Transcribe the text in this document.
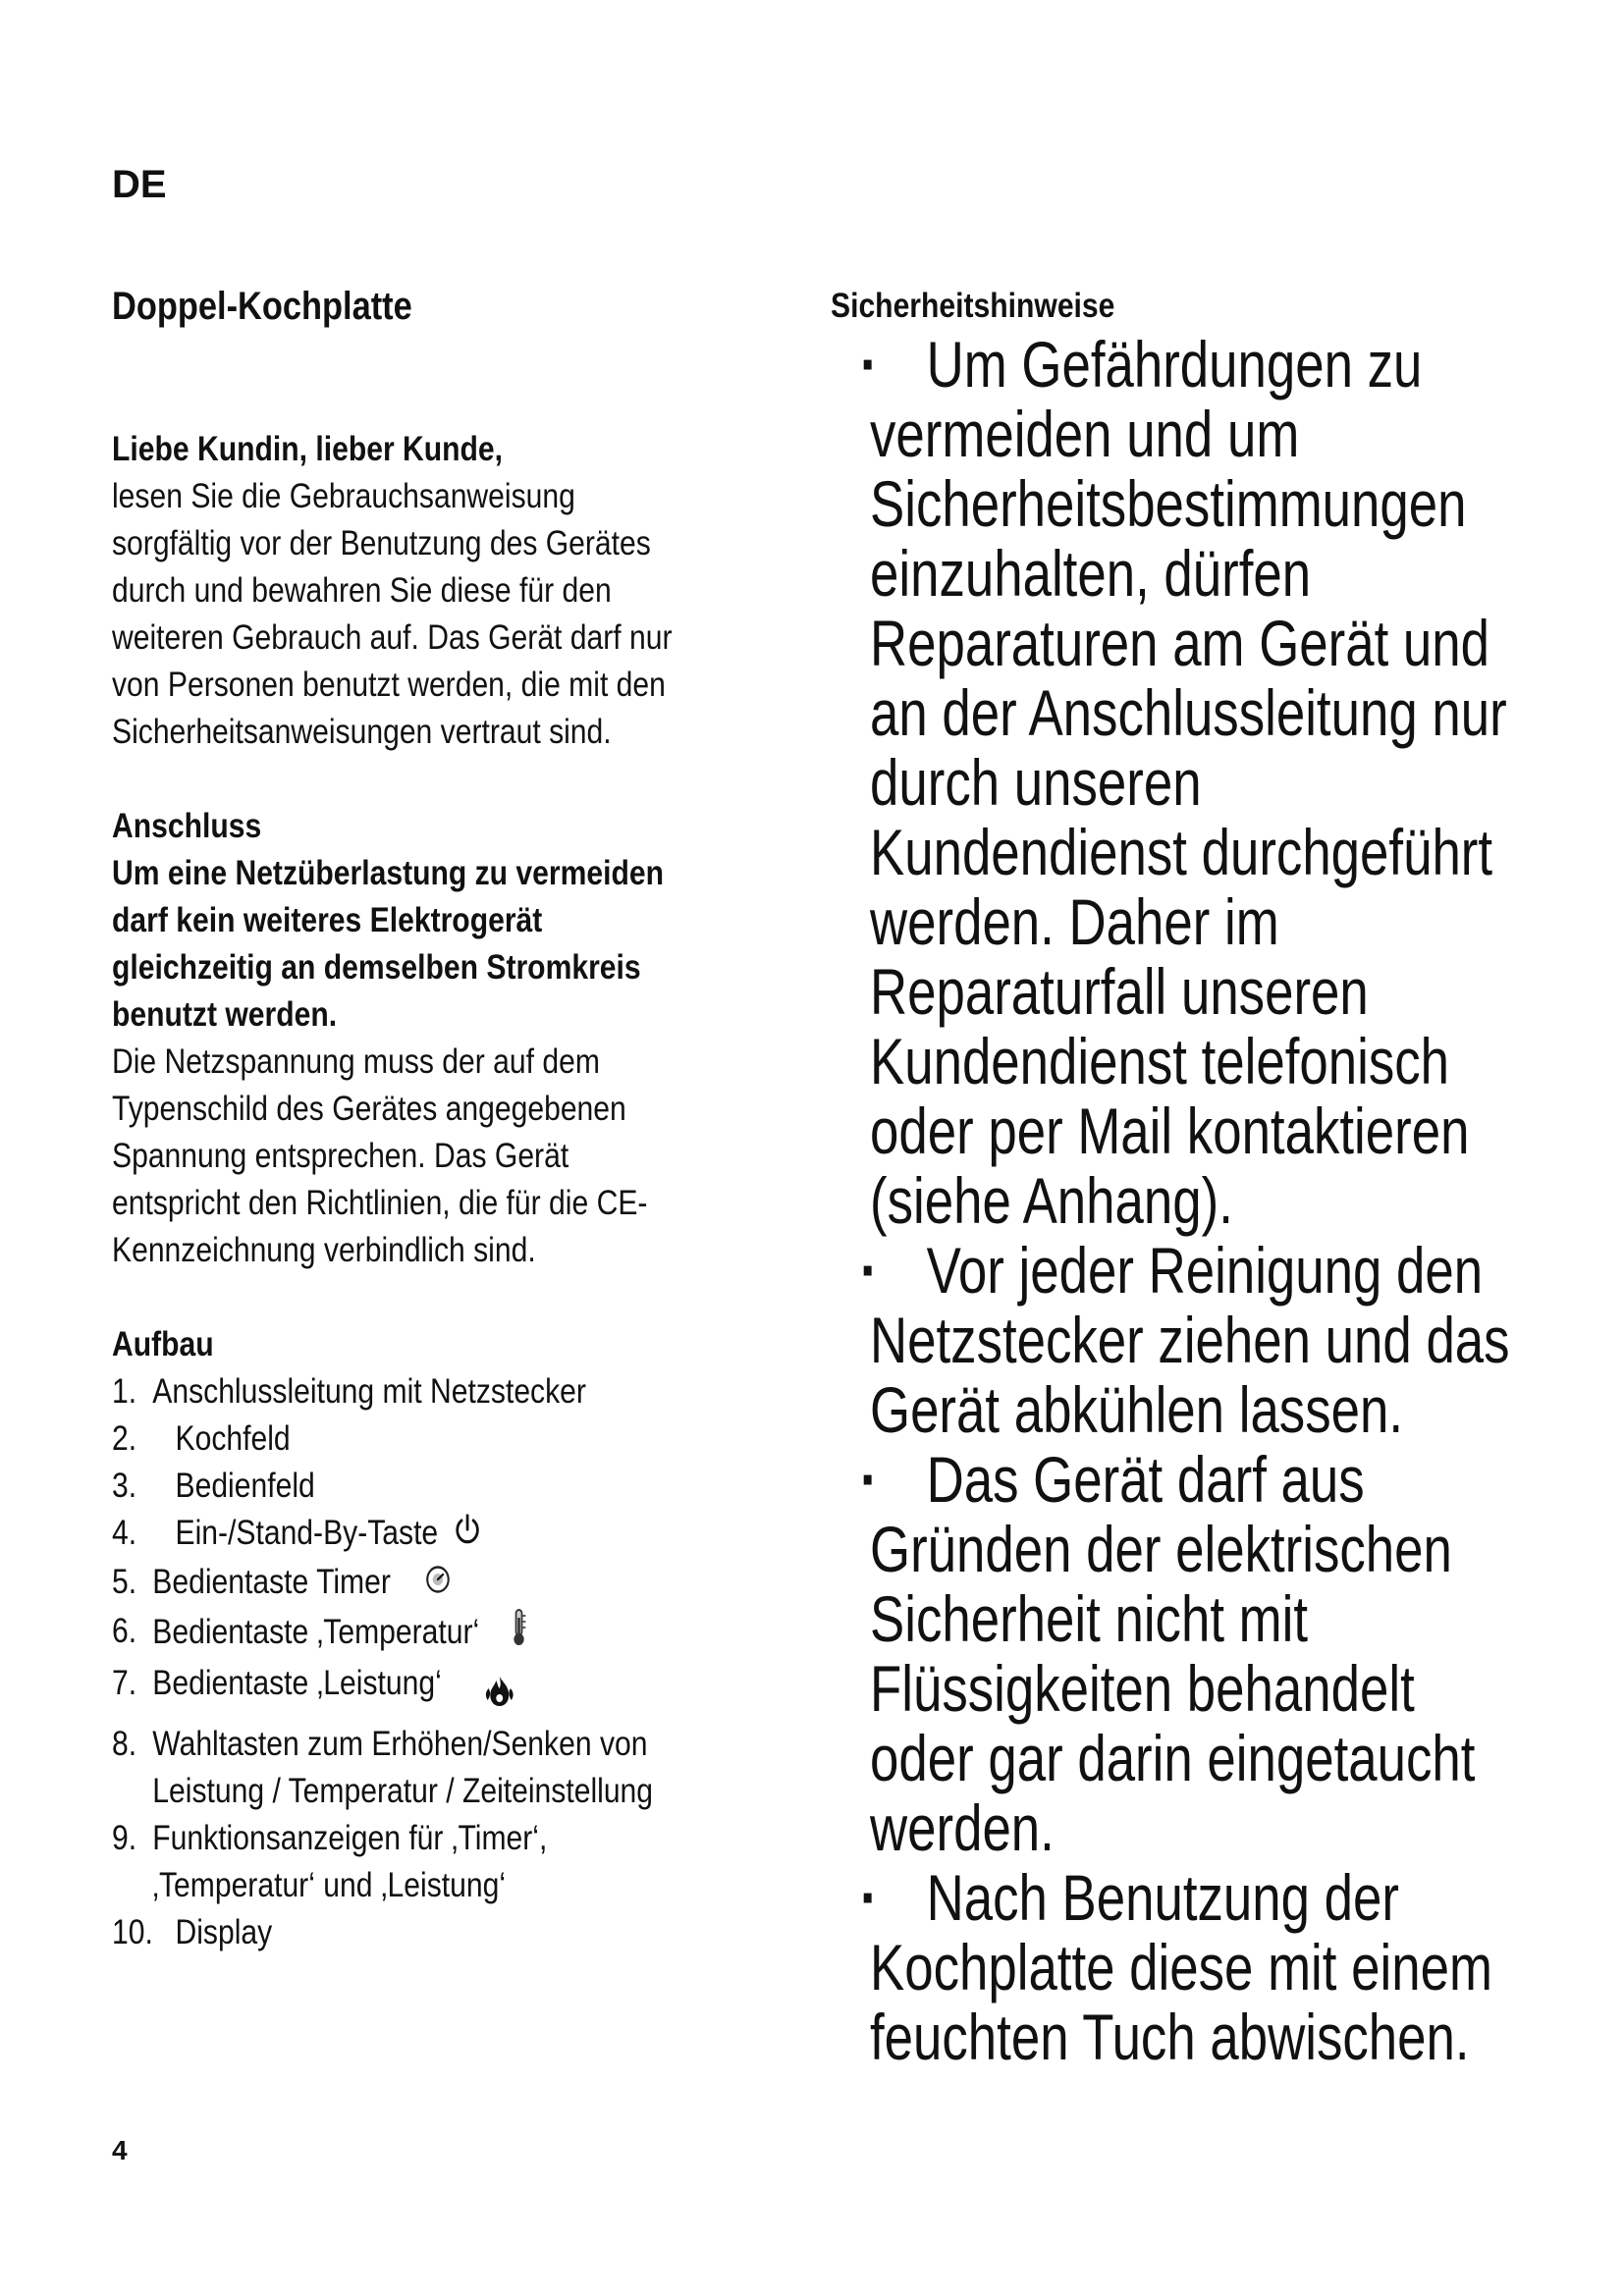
DE
Doppel-Kochplatte
Liebe Kundin, lieber Kunde,
lesen Sie die Gebrauchsanweisung
sorgfältig vor der Benutzung des Gerätes
durch und bewahren Sie diese für den
weiteren Gebrauch auf. Das Gerät darf nur
von Personen benutzt werden, die mit den
Sicherheitsanweisungen vertraut sind.
Anschluss
Um eine Netzüberlastung zu vermeiden
darf kein weiteres Elektrogerät
gleichzeitig an demselben Stromkreis
benutzt werden.
Die Netzspannung muss der auf dem
Typenschild des Gerätes angegebenen
Spannung entsprechen. Das Gerät
entspricht den Richtlinien, die für die CE-
Kennzeichnung verbindlich sind.
Aufbau
1. Anschlussleitung mit Netzstecker
2. Kochfeld
3. Bedienfeld
4. Ein-/Stand-By-Taste
5. Bedientaste Timer
6. Bedientaste ‚Temperatur‘
7. Bedientaste ‚Leistung‘
8. Wahltasten zum Erhöhen/Senken von
Leistung / Temperatur / Zeiteinstellung
9. Funktionsanzeigen für ‚Timer‘,
‚Temperatur‘ und ‚Leistung‘
10. Display
Sicherheitshinweise
▪ Um Gefährdungen zu vermeiden und um Sicherheitsbestimmungen einzuhalten, dürfen Reparaturen am Gerät und an der Anschlussleitung nur durch unseren Kundendienst durchgeführt werden. Daher im Reparaturfall unseren Kundendienst telefonisch oder per Mail kontaktieren (siehe Anhang).
▪ Vor jeder Reinigung den Netzstecker ziehen und das Gerät abkühlen lassen.
▪ Das Gerät darf aus Gründen der elektrischen Sicherheit nicht mit Flüssigkeiten behandelt oder gar darin eingetaucht werden.
▪ Nach Benutzung der Kochplatte diese mit einem feuchten Tuch abwischen.
4
